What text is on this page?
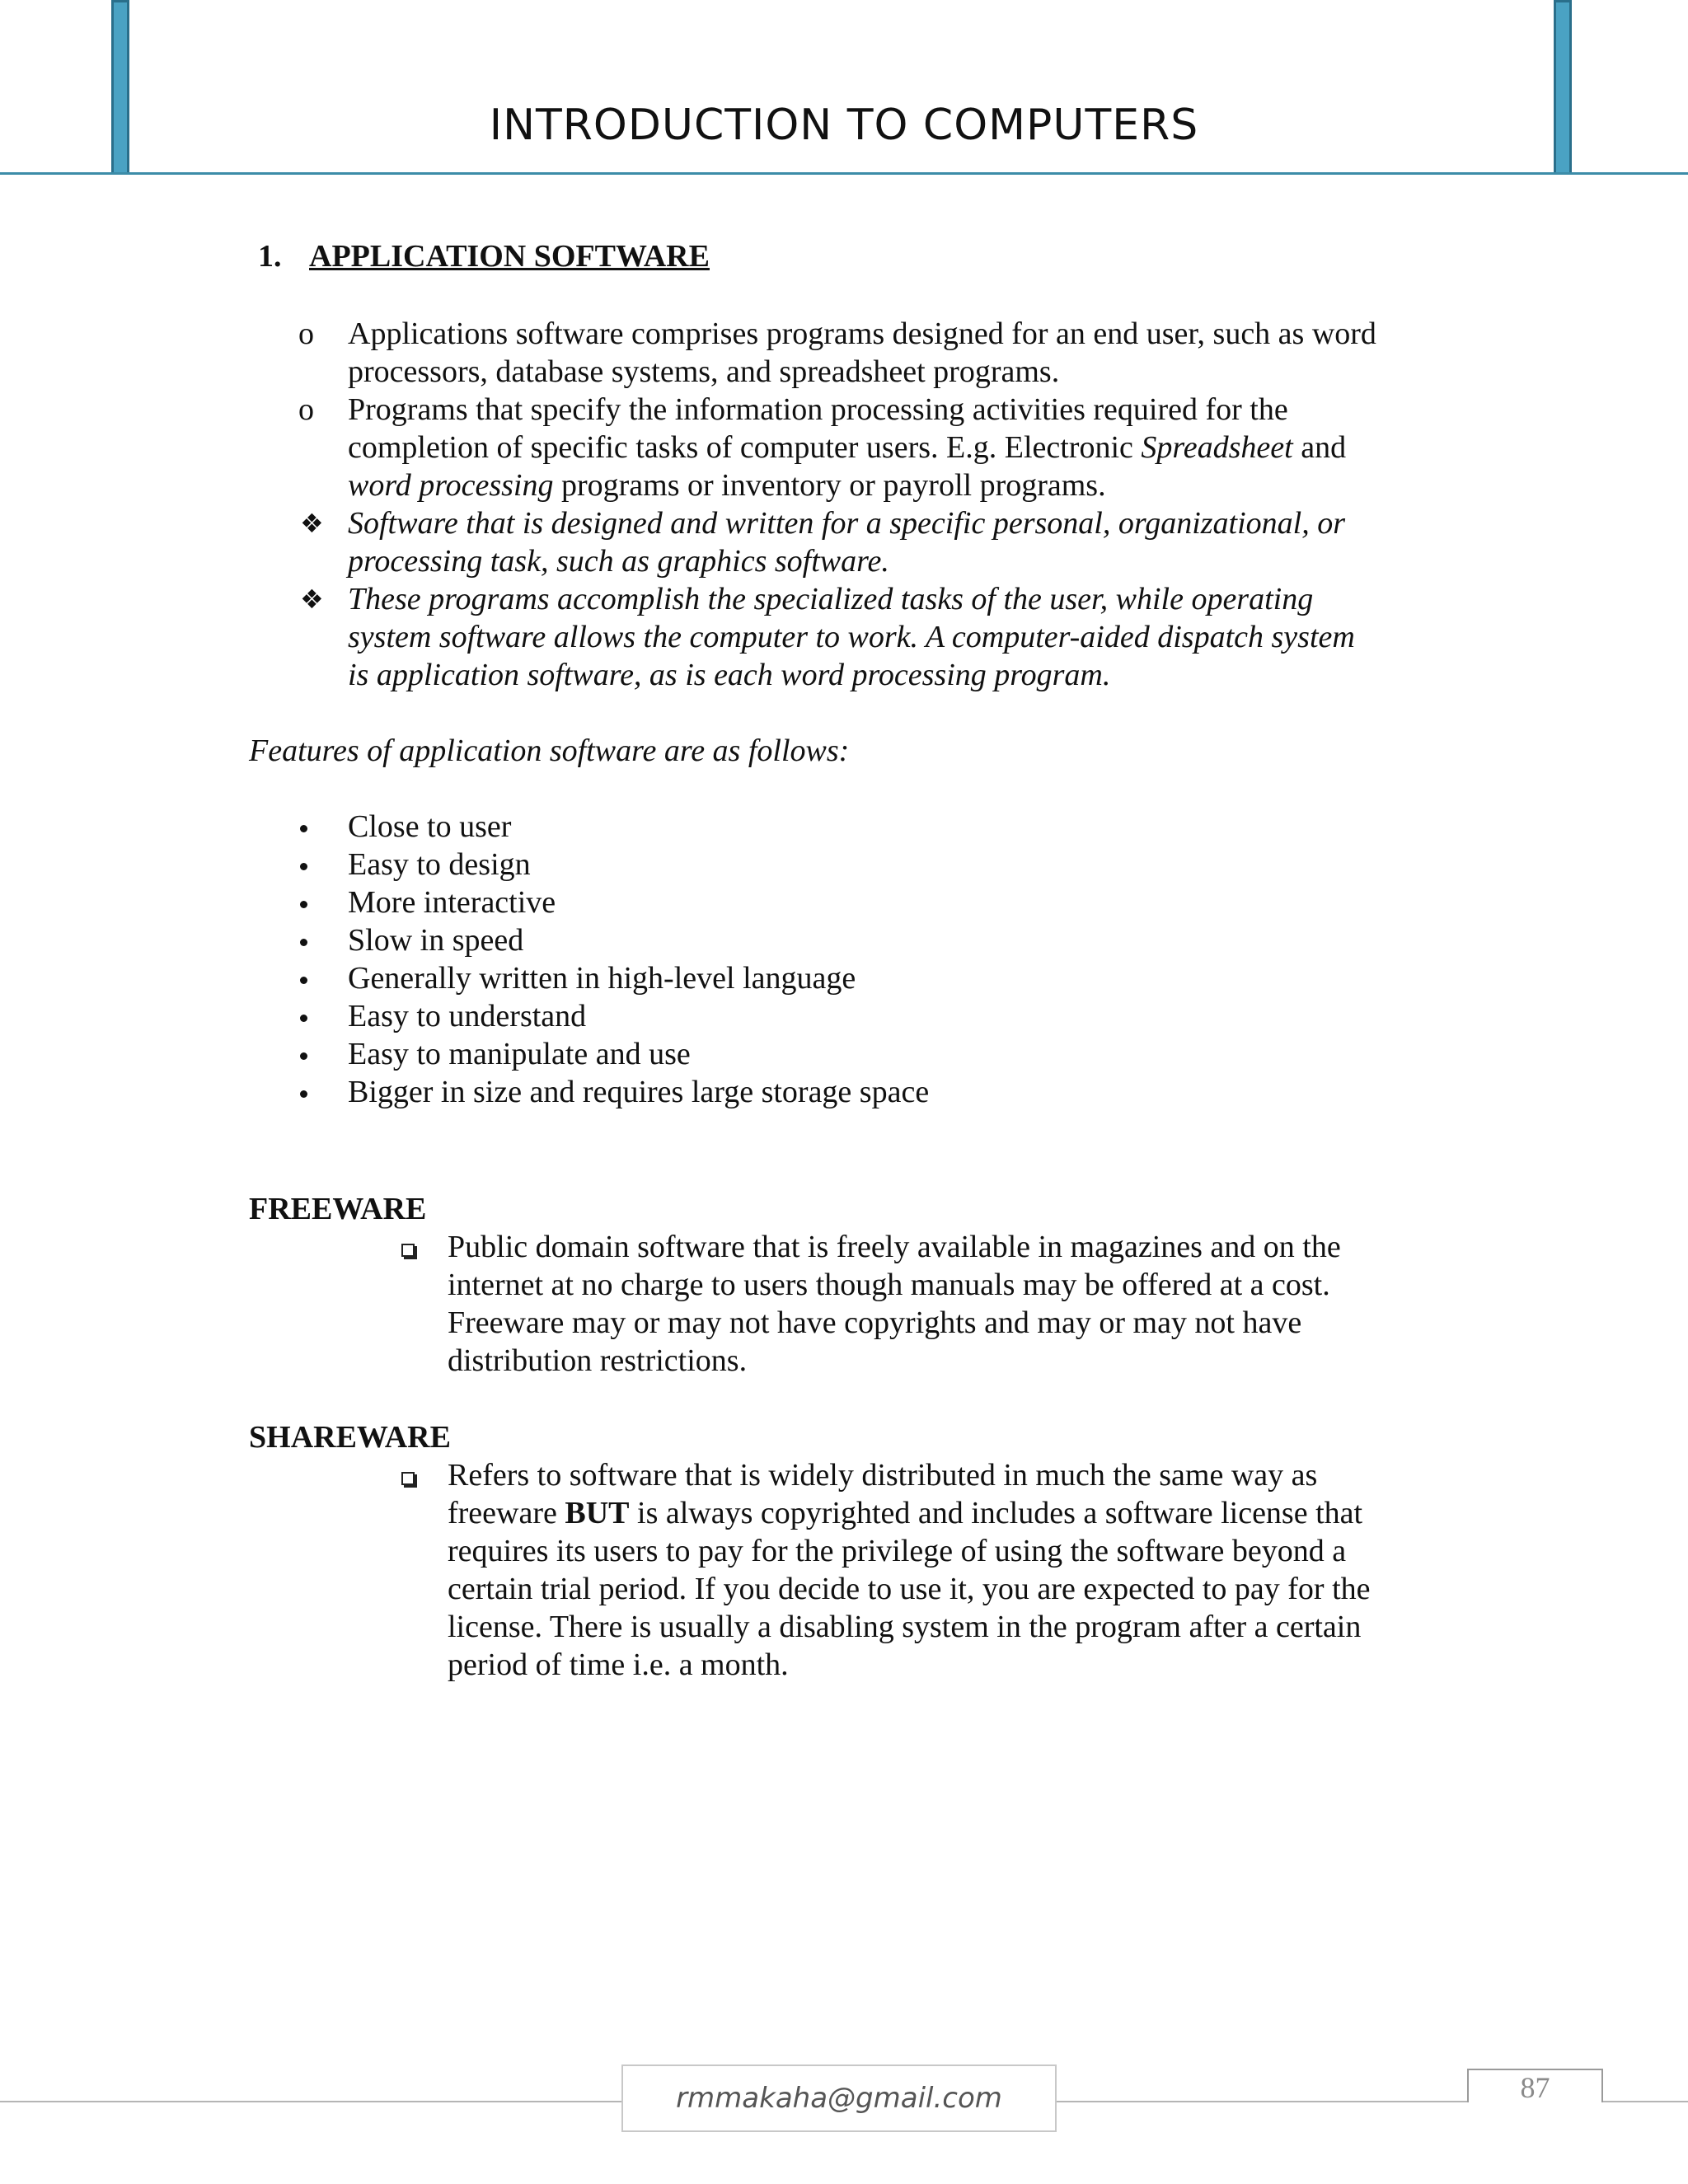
INTRODUCTION TO COMPUTERS
1. APPLICATION SOFTWARE
o Applications software comprises programs designed for an end user, such as word
processors, database systems, and spreadsheet programs.
o Programs that specify the information processing activities required for the
completion of specific tasks of computer users. E.g. Electronic Spreadsheet and
word processing programs or inventory or payroll programs.
❖ Software that is designed and written for a specific personal, organizational, or
processing task, such as graphics software.
❖ These programs accomplish the specialized tasks of the user, while operating
system software allows the computer to work. A computer-aided dispatch system
is application software, as is each word processing program.
Features of application software are as follows:
Close to user
Easy to design
More interactive
Slow in speed
Generally written in high-level language
Easy to understand
Easy to manipulate and use
Bigger in size and requires large storage space
FREEWARE
Public domain software that is freely available in magazines and on the
internet at no charge to users though manuals may be offered at a cost.
Freeware may or may not have copyrights and may or may not have
distribution restrictions.
SHAREWARE
Refers to software that is widely distributed in much the same way as
freeware BUT is always copyrighted and includes a software license that
requires its users to pay for the privilege of using the software beyond a
certain trial period. If you decide to use it, you are expected to pay for the
license. There is usually a disabling system in the program after a certain
period of time i.e. a month.
rmmakaha@gmail.com	87
